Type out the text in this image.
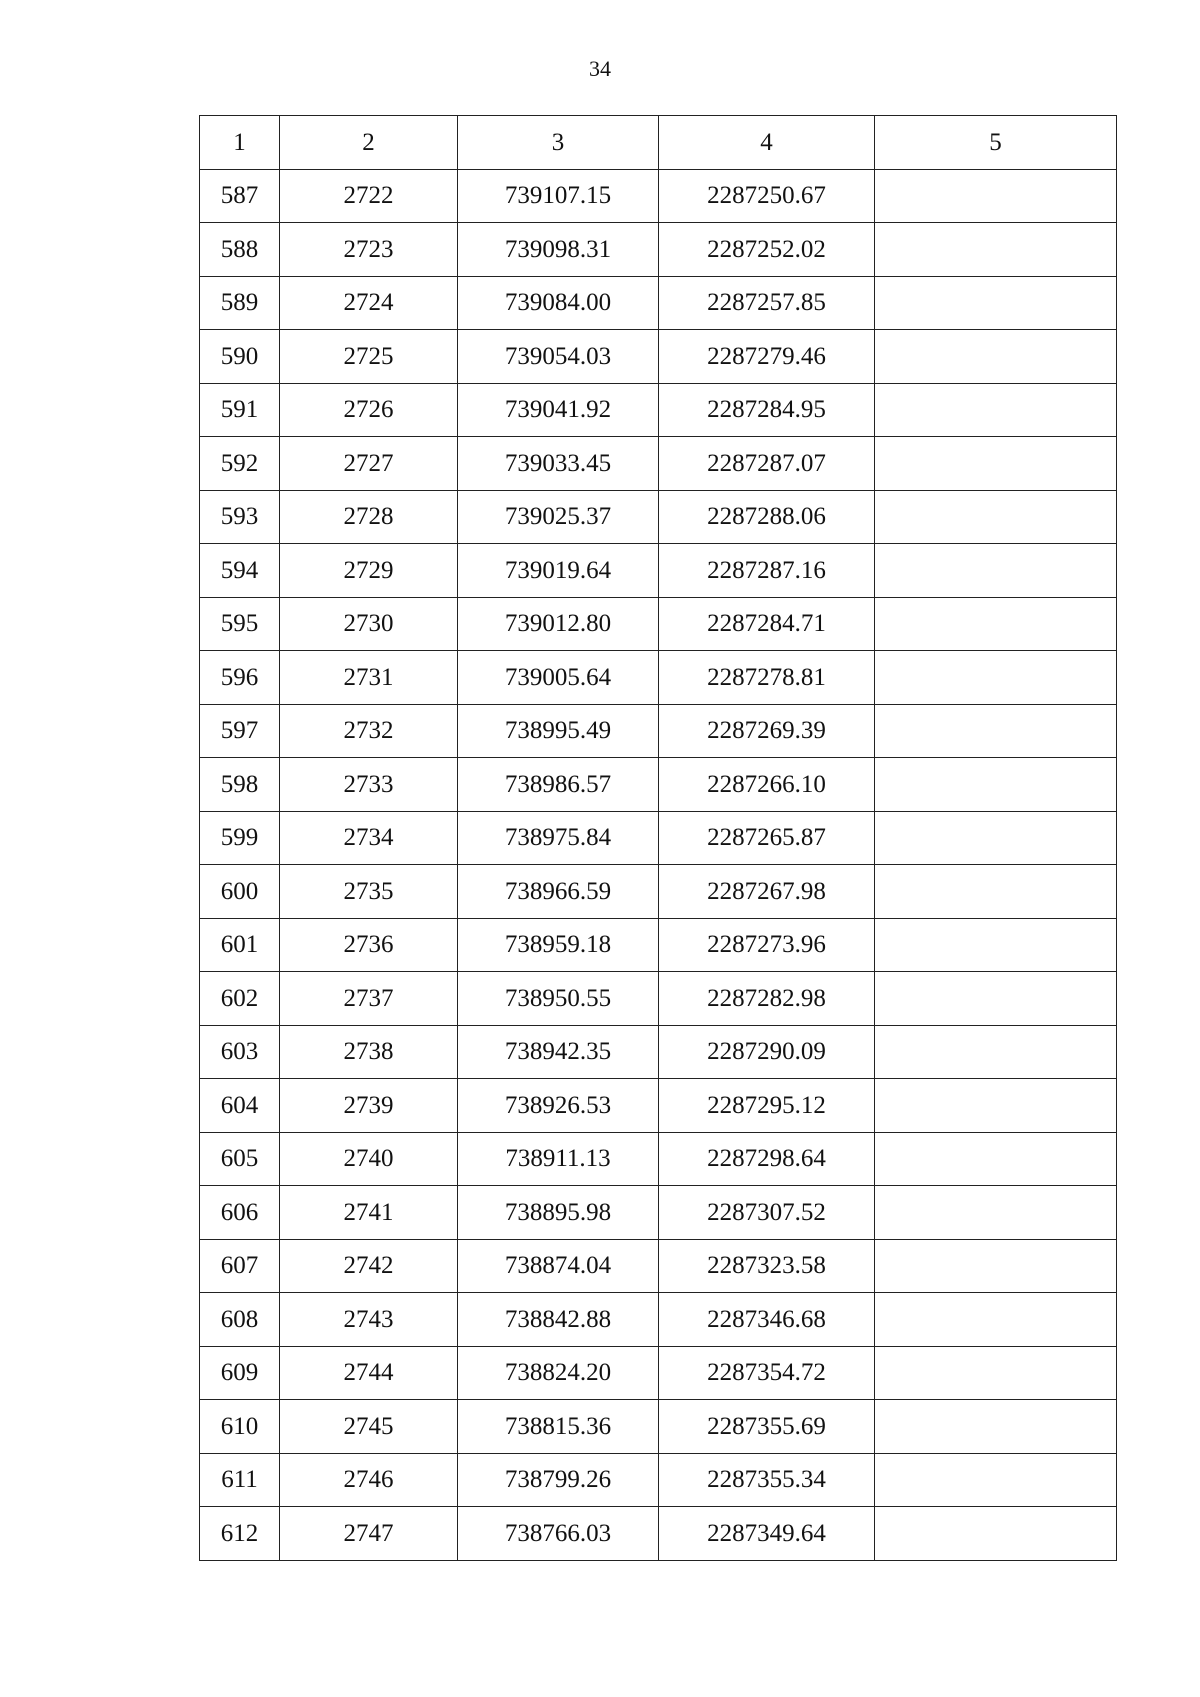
34
1	2	3	4	5
587	2722	739107.15	2287250.67	
588	2723	739098.31	2287252.02	
589	2724	739084.00	2287257.85	
590	2725	739054.03	2287279.46	
591	2726	739041.92	2287284.95	
592	2727	739033.45	2287287.07	
593	2728	739025.37	2287288.06	
594	2729	739019.64	2287287.16	
595	2730	739012.80	2287284.71	
596	2731	739005.64	2287278.81	
597	2732	738995.49	2287269.39	
598	2733	738986.57	2287266.10	
599	2734	738975.84	2287265.87	
600	2735	738966.59	2287267.98	
601	2736	738959.18	2287273.96	
602	2737	738950.55	2287282.98	
603	2738	738942.35	2287290.09	
604	2739	738926.53	2287295.12	
605	2740	738911.13	2287298.64	
606	2741	738895.98	2287307.52	
607	2742	738874.04	2287323.58	
608	2743	738842.88	2287346.68	
609	2744	738824.20	2287354.72	
610	2745	738815.36	2287355.69	
611	2746	738799.26	2287355.34	
612	2747	738766.03	2287349.64	
